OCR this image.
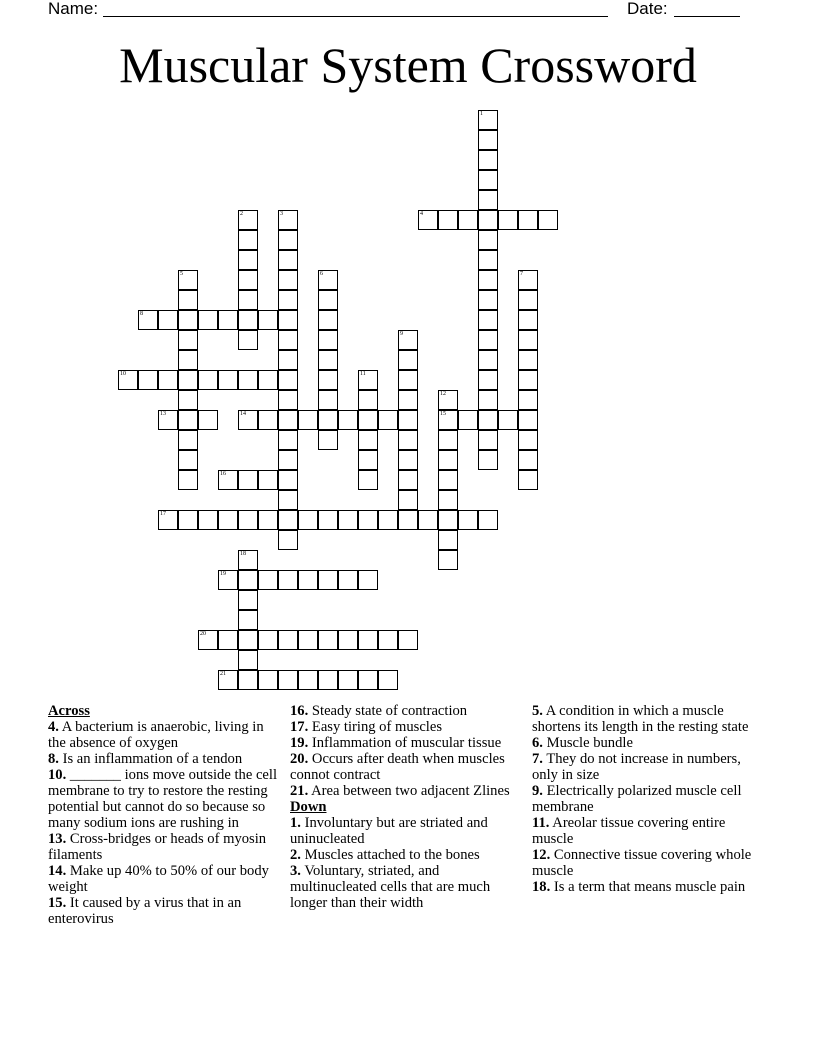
Name:	Date:
Muscular System Crossword
1
2	3	4
5	6	7
8
9
10	11
12
15
13	14
16
17
18
19
20
21
Across
4. A bacterium is anaerobic, living in the absence of oxygen
8. Is an inflammation of a tendon
10. _______ ions move outside the cell membrane to try to restore the resting potential but cannot do so because so many sodium ions are rushing in
13. Cross-bridges or heads of myosin filaments
14. Make up 40% to 50% of our body weight
15. It caused by a virus that in an enterovirus
16. Steady state of contraction
17. Easy tiring of muscles
19. Inflammation of muscular tissue
20. Occurs after death when muscles connot contract
21. Area between two adjacent Zlines
Down
1. Involuntary but are striated and uninucleated
2. Muscles attached to the bones
3. Voluntary, striated, and multinucleated cells that are much longer than their width
5. A condition in which a muscle shortens its length in the resting state
6. Muscle bundle
7. They do not increase in numbers, only in size
9. Electrically polarized muscle cell membrane
11. Areolar tissue covering entire muscle
12. Connective tissue covering whole muscle
18. Is a term that means muscle pain
